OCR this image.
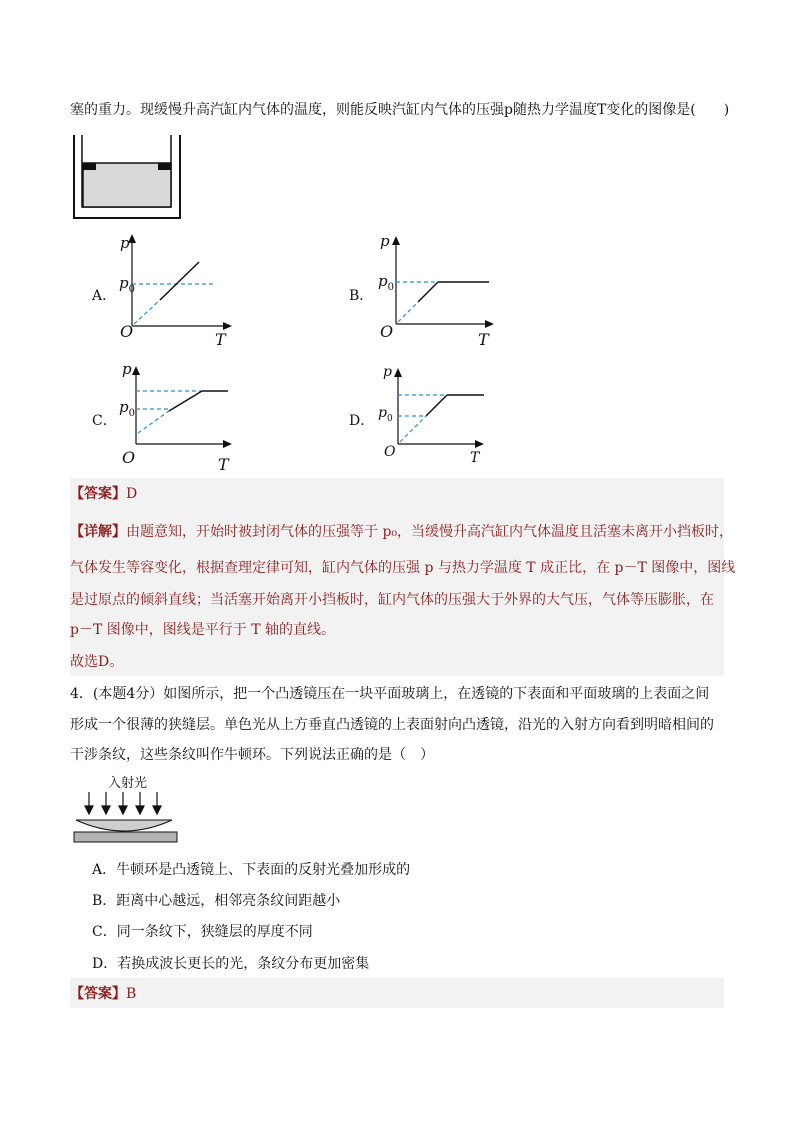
塞的重力。现缓慢升高汽缸内气体的温度，则能反映汽缸内气体的压强p随热力学温度T变化的图像是(　　)
A．
p
$p_0$
O	T
B．
p
$p_0$
O	T
C．
p
$p_0$
O	T
D．
p
$p_0$
O	T
【答案】D
【详解】由题意知，开始时被封闭气体的压强等于 p₀，当缓慢升高汽缸内气体温度且活塞未离开小挡板时，
气体发生等容变化，根据查理定律可知，缸内气体的压强 p 与热力学温度 T 成正比，在 p－T 图像中，图线
是过原点的倾斜直线；当活塞开始离开小挡板时，缸内气体的压强大于外界的大气压，气体等压膨胀，在
p－T 图像中，图线是平行于 T 轴的直线。
故选D。
4．(本题4分）如图所示，把一个凸透镜压在一块平面玻璃上，在透镜的下表面和平面玻璃的上表面之间
形成一个很薄的狭缝层。单色光从上方垂直凸透镜的上表面射向凸透镜，沿光的入射方向看到明暗相间的
干涉条纹，这些条纹叫作牛顿环。下列说法正确的是（　）
入射光
A．牛顿环是凸透镜上、下表面的反射光叠加形成的
B．距离中心越远，相邻亮条纹间距越小
C．同一条纹下，狭缝层的厚度不同
D．若换成波长更长的光，条纹分布更加密集
【答案】B
